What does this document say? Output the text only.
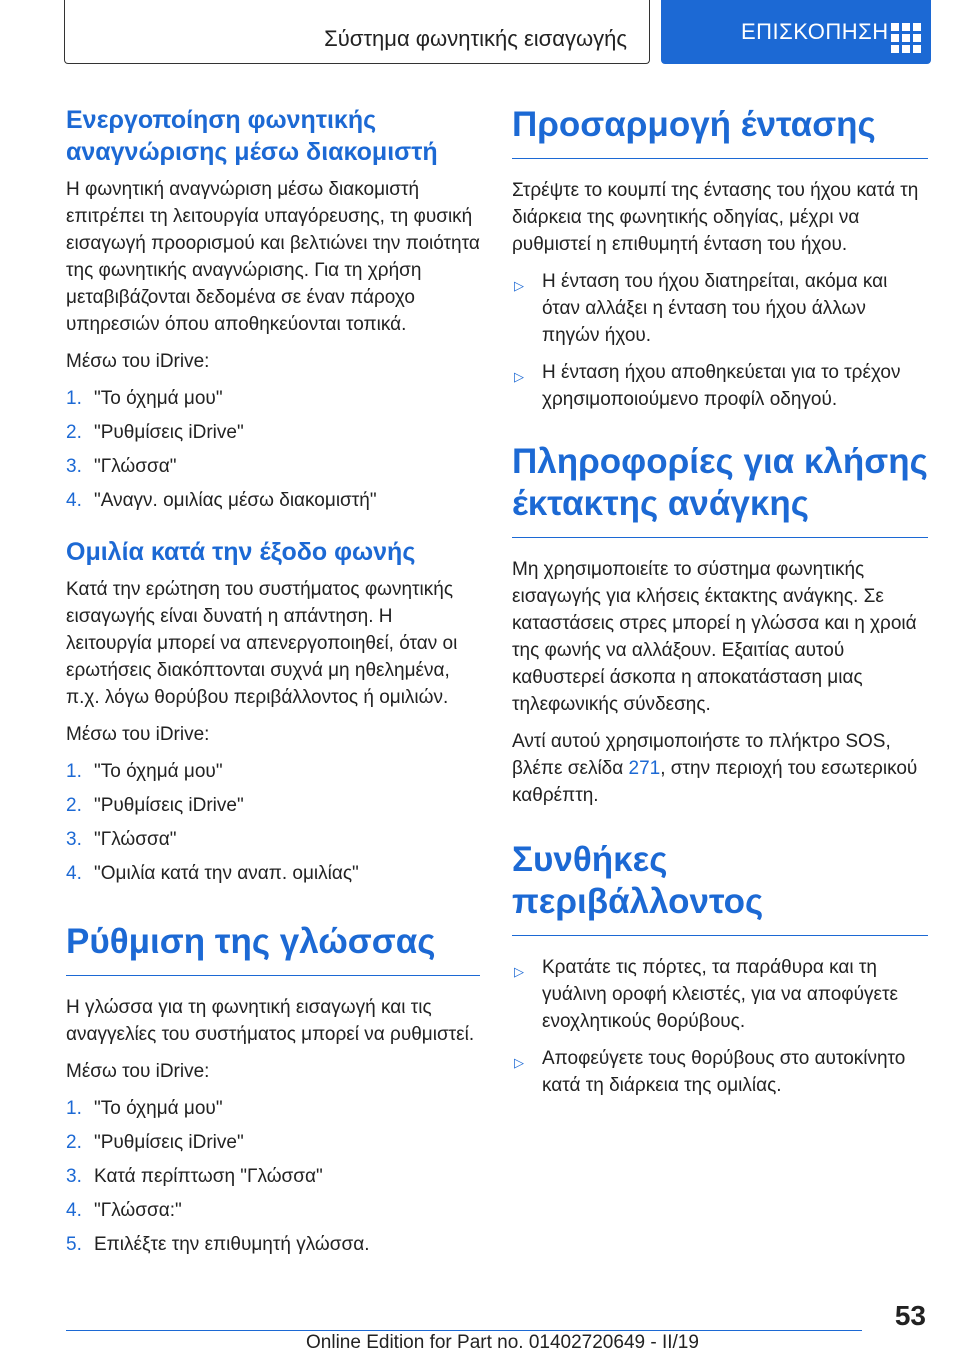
Σύστημα φωνητικής εισαγωγής	ΕΠΙΣΚΟΠΗΣΗ
Ενεργοποίηση φωνητικής αναγνώρισης μέσω διακομιστή
Η φωνητική αναγνώριση μέσω διακομιστή επιτρέπει τη λειτουργία υπαγόρευσης, τη φυσική εισαγωγή προορισμού και βελτιώνει την ποιότητα της φωνητικής αναγνώρισης. Για τη χρήση μεταβιβάζονται δεδομένα σε έναν πάροχο υπηρεσιών όπου αποθηκεύονται τοπικά.
Μέσω του iDrive:
1. "Το όχημά μου"
2. "Ρυθμίσεις iDrive"
3. "Γλώσσα"
4. "Αναγν. ομιλίας μέσω διακομιστή"
Ομιλία κατά την έξοδο φωνής
Κατά την ερώτηση του συστήματος φωνητικής εισαγωγής είναι δυνατή η απάντηση. Η λειτουργία μπορεί να απενεργοποιηθεί, όταν οι ερωτήσεις διακόπτονται συχνά μη ηθελημένα, π.χ. λόγω θορύβου περιβάλλοντος ή ομιλιών.
Μέσω του iDrive:
1. "Το όχημά μου"
2. "Ρυθμίσεις iDrive"
3. "Γλώσσα"
4. "Ομιλία κατά την αναπ. ομιλίας"
Ρύθμιση της γλώσσας
Η γλώσσα για τη φωνητική εισαγωγή και τις αναγγελίες του συστήματος μπορεί να ρυθμιστεί.
Μέσω του iDrive:
1. "Το όχημά μου"
2. "Ρυθμίσεις iDrive"
3. Κατά περίπτωση "Γλώσσα"
4. "Γλώσσα:"
5. Επιλέξτε την επιθυμητή γλώσσα.
Προσαρμογή έντασης
Στρέψτε το κουμπί της έντασης του ήχου κατά τη διάρκεια της φωνητικής οδηγίας, μέχρι να ρυθμιστεί η επιθυμητή ένταση του ήχου.
▷ Η ένταση του ήχου διατηρείται, ακόμα και όταν αλλάξει η ένταση του ήχου άλλων πηγών ήχου.
▷ Η ένταση ήχου αποθηκεύεται για το τρέχον χρησιμοποιούμενο προφίλ οδηγού.
Πληροφορίες για κλήσης έκτακτης ανάγκης
Μη χρησιμοποιείτε το σύστημα φωνητικής εισαγωγής για κλήσεις έκτακτης ανάγκης. Σε καταστάσεις στρες μπορεί η γλώσσα και η χροιά της φωνής να αλλάξουν. Εξαιτίας αυτού καθυστερεί άσκοπα η αποκατάσταση μιας τηλεφωνικής σύνδεσης.
Αντί αυτού χρησιμοποιήστε το πλήκτρο SOS, βλέπε σελίδα 271, στην περιοχή του εσωτερικού καθρέπτη.
Συνθήκες περιβάλλοντος
▷ Κρατάτε τις πόρτες, τα παράθυρα και τη γυάλινη οροφή κλειστές, για να αποφύγετε ενοχλητικούς θορύβους.
▷ Αποφεύγετε τους θορύβους στο αυτοκίνητο κατά τη διάρκεια της ομιλίας.
53
Online Edition for Part no. 01402720649 - II/19
